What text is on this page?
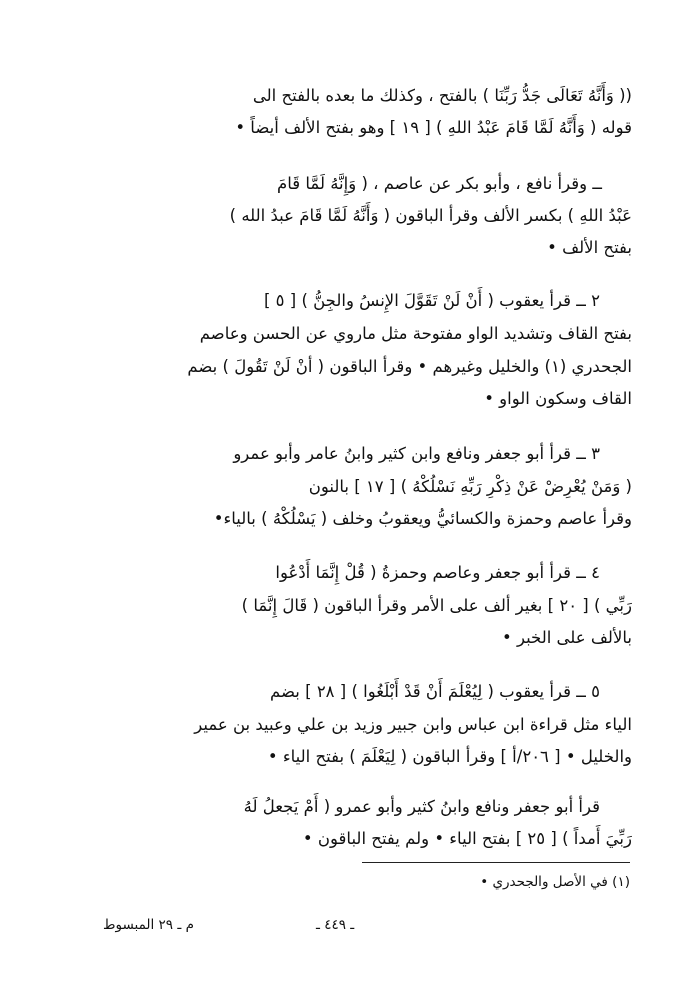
(( وَأَنَّهُ تَعَالَى جَدُّ رَبِّنَا ) بالفتح ، وكذلك ما بعده بالفتح الى
قوله ( وَأَنَّهُ لَمَّا قَامَ عَبْدُ اللهِ ) [ ١٩ ] وهو بفتح الألف أيضاً •
ــ وقرأ نافع ، وأبو بكر عن عاصم ، ( وَإِنَّهُ لَمَّا قَامَ
عَبْدُ اللهِ ) بكسر الألف وقرأ الباقون ( وَأَنَّهُ لَمَّا قَامَ عبدُ الله )
بفتح الألف •
٢ ــ قرأ يعقوب ( أَنْ لَنْ تَقَوَّلَ الإِنسُ والجِنُّ ) [ ٥ ]
بفتح القاف وتشديد الواو مفتوحة مثل ماروي عن الحسن وعاصم
الجحدري (١) والخليل وغيرهم • وقرأ الباقون ( أنْ لَنْ تَقُولَ ) بضم
القاف وسكون الواو •
٣ ــ قرأ أبو جعفر ونافع وابن كثير وابنُ عامر وأبو عمرو
( وَمَنْ يُعْرِضْ عَنْ ذِكْرِ رَبِّهِ نَسْلُكْهُ ) [ ١٧ ] بالنون
وقرأ عاصم وحمزة والكسائيُّ ويعقوبُ وخلف ( يَسْلُكْهُ ) بالياء•
٤ ــ قرأ أبو جعفر وعاصم وحمزةُ ( قُلْ إِنَّمَا أَدْعُوا
رَبِّي ) [ ٢٠ ] بغير ألف على الأمر وقرأ الباقون ( قَالَ إِنَّمَا )
بالألف على الخبر •
٥ ــ قرأ يعقوب ( لِيُعْلَمَ أَنْ قَدْ أَبْلَغُوا ) [ ٢٨ ] بضم
الياء مثل قراءة ابن عباس وابن جبير وزيد بن علي وعبيد بن عمير
والخليل • [ ٢٠٦/أ ] وقرأ الباقون ( لِيَعْلَمَ ) بفتح الياء •
قرأ أبو جعفر ونافع وابنُ كثير وأبو عمرو ( أَمْ يَجعلُ لَهُ
رَبِّيَ أَمداً ) [ ٢٥ ] بفتح الياء • ولم يفتح الباقون •
(١) في الأصل والجحدري •
ـ ٤٤٩ ـ
م ـ ٢٩ المبسوط
